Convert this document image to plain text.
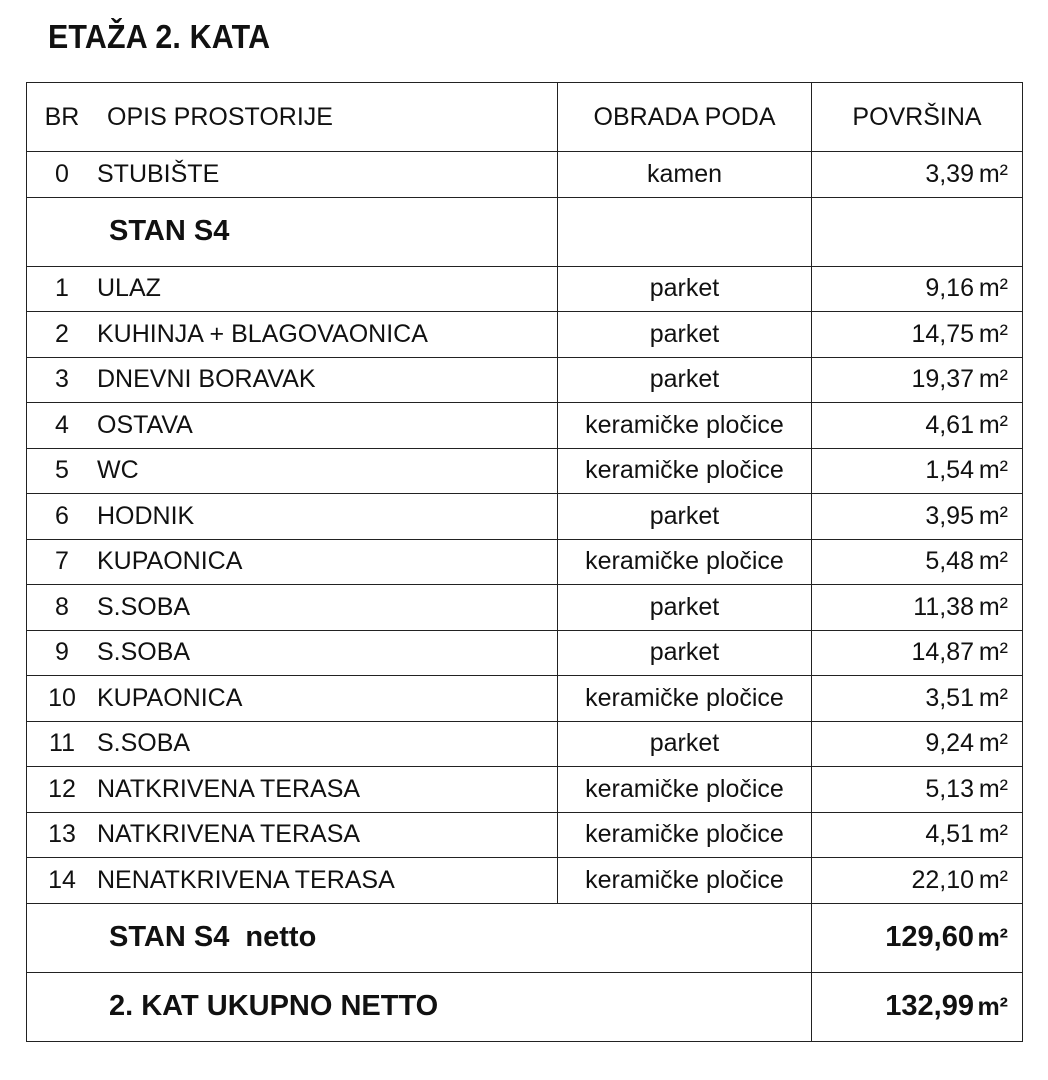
ETAŽA 2. KATA
BR OPIS PROSTORIJE	OBRADA PODA	POVRŠINA
0 STUBIŠTE	kamen	3,39 m²
STAN S4		
1 ULAZ	parket	9,16 m²
2 KUHINJA + BLAGOVAONICA	parket	14,75 m²
3 DNEVNI BORAVAK	parket	19,37 m²
4 OSTAVA	keramičke pločice	4,61 m²
5 WC	keramičke pločice	1,54 m²
6 HODNIK	parket	3,95 m²
7 KUPAONICA	keramičke pločice	5,48 m²
8 S.SOBA	parket	11,38 m²
9 S.SOBA	parket	14,87 m²
10 KUPAONICA	keramičke pločice	3,51 m²
11 S.SOBA	parket	9,24 m²
12 NATKRIVENA TERASA	keramičke pločice	5,13 m²
13 NATKRIVENA TERASA	keramičke pločice	4,51 m²
14 NENATKRIVENA TERASA	keramičke pločice	22,10 m²
STAN S4  netto		129,60 m²
2. KAT UKUPNO NETTO		132,99 m²
